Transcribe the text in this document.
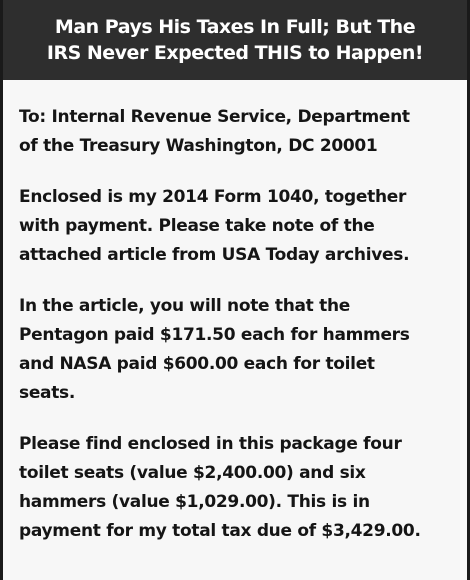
Man Pays His Taxes In Full; But The
IRS Never Expected THIS to Happen!
To: Internal Revenue Service, Department
of the Treasury Washington, DC 20001
Enclosed is my 2014 Form 1040, together
with payment. Please take note of the
attached article from USA Today archives.
In the article, you will note that the
Pentagon paid $171.50 each for hammers
and NASA paid $600.00 each for toilet
seats.
Please find enclosed in this package four
toilet seats (value $2,400.00) and six
hammers (value $1,029.00). This is in
payment for my total tax due of $3,429.00.
